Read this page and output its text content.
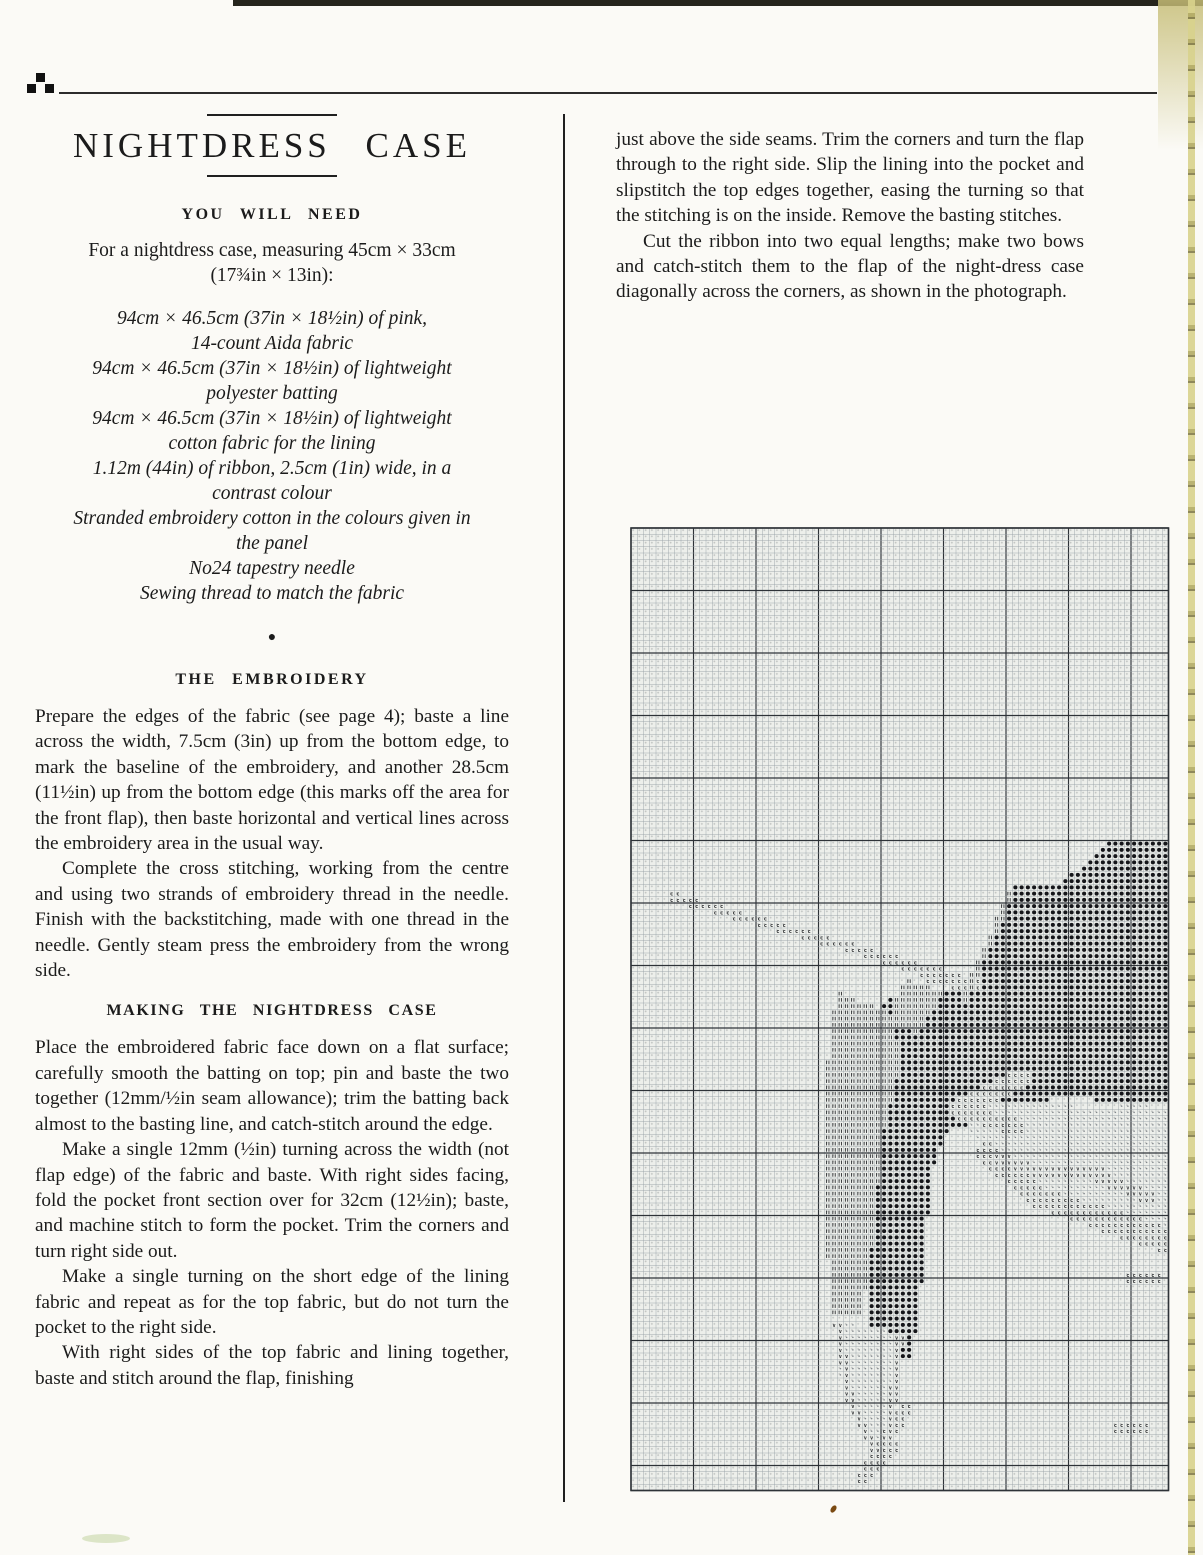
NIGHTDRESS CASE
YOU WILL NEED
For a nightdress case, measuring 45cm × 33cm
(17¾in × 13in):
94cm × 46.5cm (37in × 18½in) of pink,
14-count Aida fabric
94cm × 46.5cm (37in × 18½in) of lightweight
polyester batting
94cm × 46.5cm (37in × 18½in) of lightweight
cotton fabric for the lining
1.12m (44in) of ribbon, 2.5cm (1in) wide, in a
contrast colour
Stranded embroidery cotton in the colours given in
the panel
No24 tapestry needle
Sewing thread to match the fabric
●
THE EMBROIDERY

Prepare the edges of the fabric (see page 4); baste a line across the width, 7.5cm (3in) up from the bottom edge, to mark the baseline of the embroidery, and another 28.5cm (11½in) up from the bottom edge (this marks off the area for the front flap), then baste horizontal and vertical lines across the embroidery area in the usual way.

Complete the cross stitching, working from the centre and using two strands of embroidery thread in the needle. Finish with the backstitching, made with one thread in the needle. Gently steam press the embroidery from the wrong side.

MAKING THE NIGHTDRESS CASE

Place the embroidered fabric face down on a flat surface; carefully smooth the batting on top; pin and baste the two together (12mm/½in seam allowance); trim the batting back almost to the basting line, and catch-stitch around the edge.

Make a single 12mm (½in) turning across the width (not flap edge) of the fabric and baste. With right sides facing, fold the pocket front section over for 32cm (12½in); baste, and machine stitch to form the pocket. Trim the corners and turn right side out.

Make a single turning on the short edge of the lining fabric and repeat as for the top fabric, but do not turn the pocket to the right side.

With right sides of the top fabric and lining together, baste and stitch around the flap, finishing

just above the side seams. Trim the corners and turn the flap through to the right side. Slip the lining into the pocket and slipstitch the top edges together, easing the turning so that the stitching is on the inside. Remove the basting stitches.

Cut the ribbon into two equal lengths; make two bows and catch-stitch them to the flap of the night-dress case diagonally across the corners, as shown in the photograph.

c c
c c c c c
c c c c c c
c c c c c
c c c c c c
c c c c c
c c c c c c
c c c c c
c c c c c c
c c c c c
c c c c c c
c c c c c c
c c c c c c c
c c c c c c c
c c c c c c c c
c c c c
c c c c
c c c c c c
c c c c c c c
c c c c c c c
c c c c c c c
c c c c c c
c c c c c c c
c c c c c c c c c c
c c c c c c c
c c c c
c c
c c c c
c c c v v v
c c v v v v v v
c c c c v v v v v v v v v v v v v v v
c c c c c c v v v v v v v v v v v v v
c c c c c	v v v v v
c c c c c	v v v v v v
c c c c c c c	v v v v v
c c c c c c c c c	v v v
c c c c c c c c c c c c
c c c c c c c c c c c c
c c c c c c c c c c c c
c c c c c c c c c c c c
c c c c c c c c c c c
c c c c c c c c
c c c c c
c c
c c c c c c
c c c c c c
v v
v
v	v v
v	v v
v	v
v v	v
v v	v
v	v
v	v
v	v
v	v v
v v	v v
v v	v v
v	v c c
v v	v c c c
v	v c c
v v	v c c	c c c c c c
v	c v c	c c c c c c
v v v v
v c c c c
v v c c c
c c c c
c c c c
c c c
c c c
c c
